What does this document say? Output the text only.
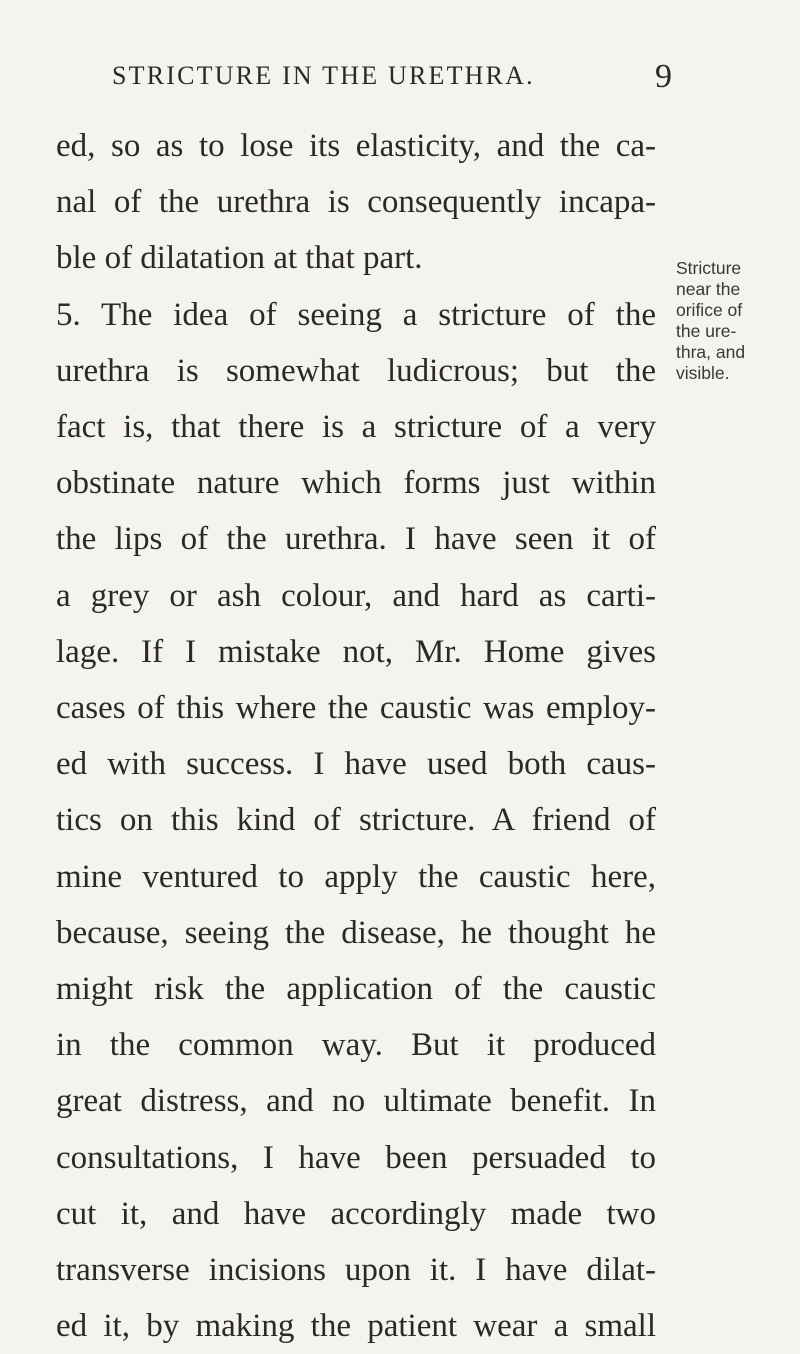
STRICTURE IN THE URETHRA.	9
ed, so as to lose its elasticity, and the ca-
nal of the urethra is consequently incapa-
ble of dilatation at that part.
5. The idea of seeing a stricture of the
urethra is somewhat ludicrous; but the
fact is, that there is a stricture of a very
obstinate nature which forms just within
the lips of the urethra. I have seen it of
a grey or ash colour, and hard as carti-
lage. If I mistake not, Mr. Home gives
cases of this where the caustic was employ-
ed with success. I have used both caus-
tics on this kind of stricture. A friend of
mine ventured to apply the caustic here,
because, seeing the disease, he thought he
might risk the application of the caustic
in the common way. But it produced
great distress, and no ultimate benefit. In
consultations, I have been persuaded to
cut it, and have accordingly made two
transverse incisions upon it. I have dilat-
ed it, by making the patient wear a small
Stricture
near the
orifice of
the ure-
thra, and
visible.
